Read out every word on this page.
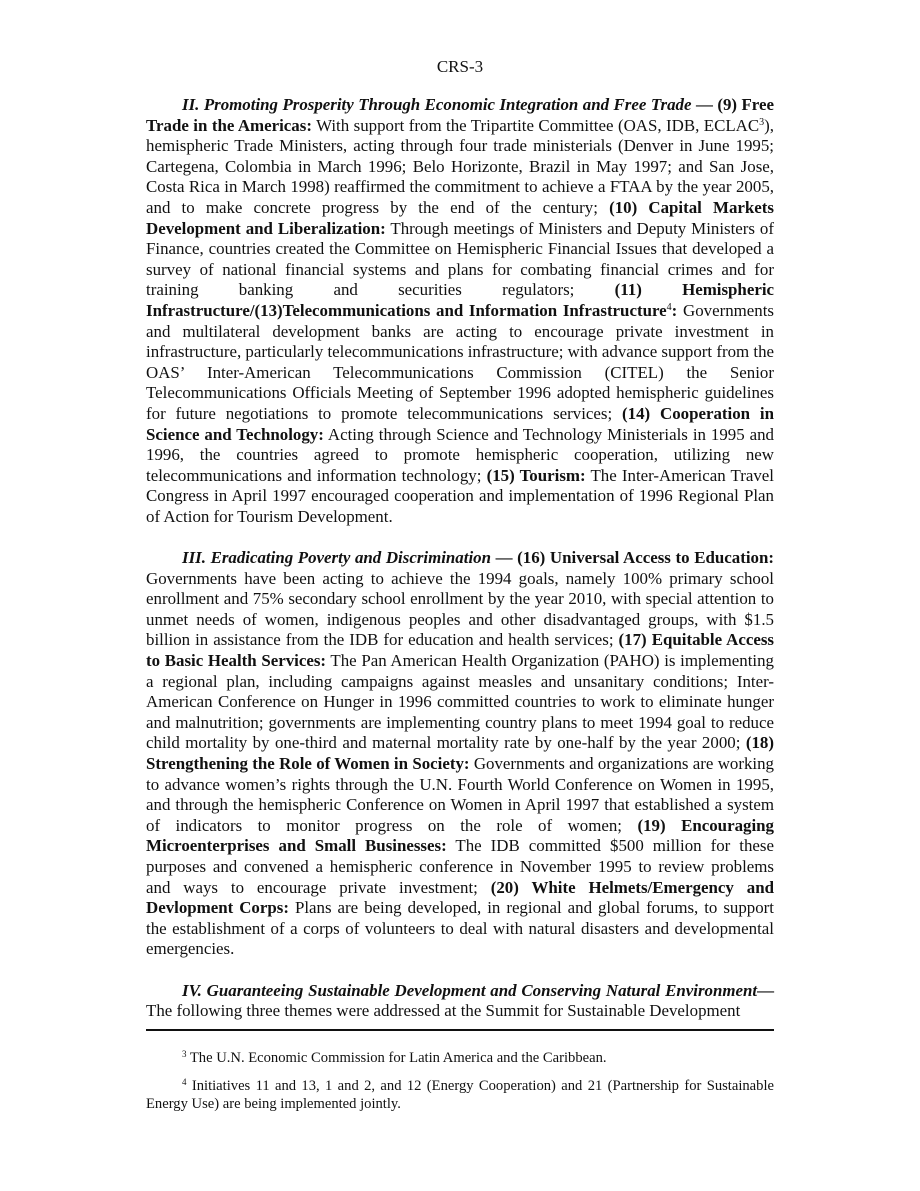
CRS-3

II. Promoting Prosperity Through Economic Integration and Free Trade — (9) Free Trade in the Americas: With support from the Tripartite Committee (OAS, IDB, ECLAC$^3$), hemispheric Trade Ministers, acting through four trade ministerials (Denver in June 1995; Cartegena, Colombia in March 1996; Belo Horizonte, Brazil in May 1997; and San Jose, Costa Rica in March 1998) reaffirmed the commitment to achieve a FTAA by the year 2005, and to make concrete progress by the end of the century; (10) Capital Markets Development and Liberalization: Through meetings of Ministers and Deputy Ministers of Finance, countries created the Committee on Hemispheric Financial Issues that developed a survey of national financial systems and plans for combating financial crimes and for training banking and securities regulators; (11) Hemispheric Infrastructure/(13)Telecommunications and Information Infrastructure$^4$: Governments and multilateral development banks are acting to encourage private investment in infrastructure, particularly telecommunications infrastructure; with advance support from the OAS’ Inter-American Telecommunications Commission (CITEL) the Senior Telecommunications Officials Meeting of September 1996 adopted hemispheric guidelines for future negotiations to promote telecommunications services; (14) Cooperation in Science and Technology: Acting through Science and Technology Ministerials in 1995 and 1996, the countries agreed to promote hemispheric cooperation, utilizing new telecommunications and information technology; (15) Tourism: The Inter-American Travel Congress in April 1997 encouraged cooperation and implementation of 1996 Regional Plan of Action for Tourism Development.

III. Eradicating Poverty and Discrimination — (16) Universal Access to Education: Governments have been acting to achieve the 1994 goals, namely 100% primary school enrollment and 75% secondary school enrollment by the year 2010, with special attention to unmet needs of women, indigenous peoples and other disadvantaged groups, with $1.5 billion in assistance from the IDB for education and health services; (17) Equitable Access to Basic Health Services: The Pan American Health Organization (PAHO) is implementing a regional plan, including campaigns against measles and unsanitary conditions; Inter-American Conference on Hunger in 1996 committed countries to work to eliminate hunger and malnutrition; governments are implementing country plans to meet 1994 goal to reduce child mortality by one-third and maternal mortality rate by one-half by the year 2000; (18) Strengthening the Role of Women in Society: Governments and organizations are working to advance women’s rights through the U.N. Fourth World Conference on Women in 1995, and through the hemispheric Conference on Women in April 1997 that established a system of indicators to monitor progress on the role of women; (19) Encouraging Microenterprises and Small Businesses: The IDB committed $500 million for these purposes and convened a hemispheric conference in November 1995 to review problems and ways to encourage private investment; (20) White Helmets/Emergency and Devlopment Corps: Plans are being developed, in regional and global forums, to support the establishment of a corps of volunteers to deal with natural disasters and developmental emergencies.

IV. Guaranteeing Sustainable Development and Conserving Natural Environment—The following three themes were addressed at the Summit for Sustainable Development

$^3$ The U.N. Economic Commission for Latin America and the Caribbean.

$^4$ Initiatives 11 and 13, 1 and 2, and 12 (Energy Cooperation) and 21 (Partnership for Sustainable Energy Use) are being implemented jointly.
